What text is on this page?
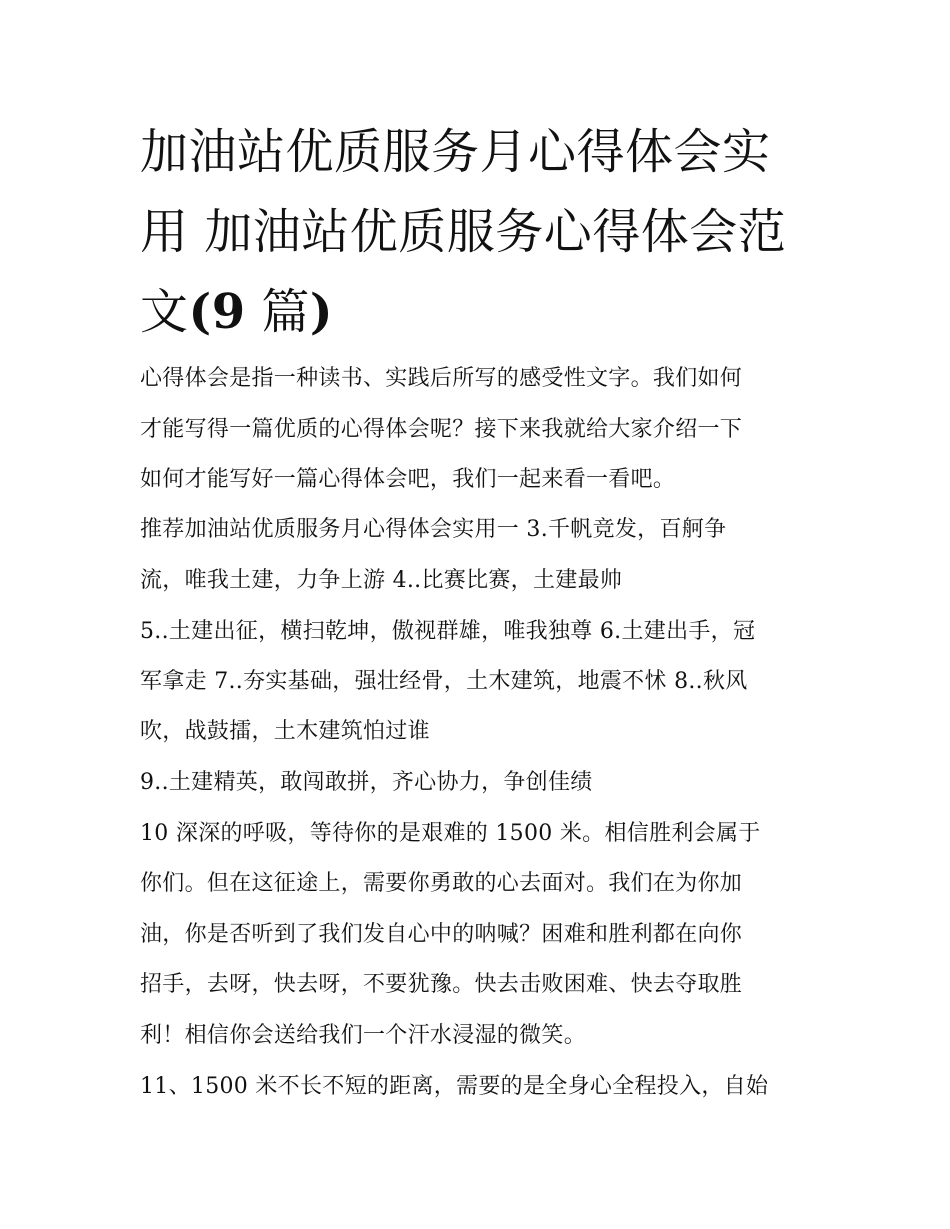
加油站优质服务月心得体会实
用 加油站优质服务心得体会范
文(9 篇)

心得体会是指一种读书、实践后所写的感受性文字。我们如何

才能写得一篇优质的心得体会呢？接下来我就给大家介绍一下

如何才能写好一篇心得体会吧，我们一起来看一看吧。

推荐加油站优质服务月心得体会实用一 3.千帆竞发，百舸争

流，唯我土建，力争上游 4..比赛比赛，土建最帅

5..土建出征，横扫乾坤，傲视群雄，唯我独尊 6.土建出手，冠

军拿走 7..夯实基础，强壮经骨，土木建筑，地震不怵 8..秋风

吹，战鼓擂，土木建筑怕过谁

9..土建精英，敢闯敢拼，齐心协力，争创佳绩

10 深深的呼吸，等待你的是艰难的 1500 米。相信胜利会属于

你们。但在这征途上，需要你勇敢的心去面对。我们在为你加

油，你是否听到了我们发自心中的呐喊？困难和胜利都在向你

招手，去呀，快去呀，不要犹豫。快去击败困难、快去夺取胜

利！相信你会送给我们一个汗水浸湿的微笑。

11、1500 米不长不短的距离，需要的是全身心全程投入，自始
